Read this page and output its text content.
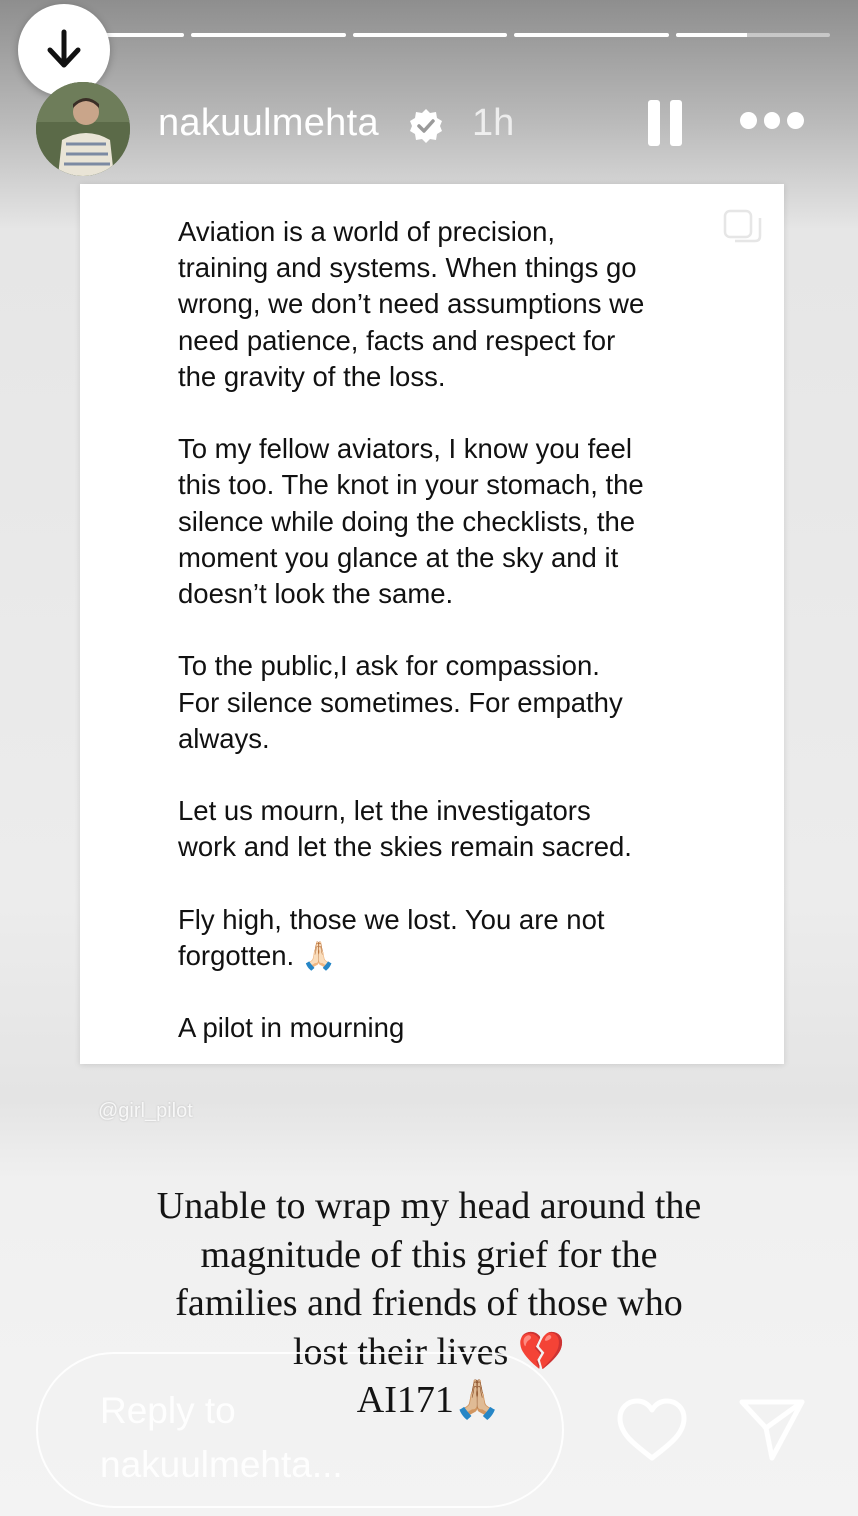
nakuulmehta 1h

Aviation is a world of precision,
training and systems. When things go
wrong, we don’t need assumptions we
need patience, facts and respect for
the gravity of the loss.

To my fellow aviators, I know you feel
this too. The knot in your stomach, the
silence while doing the checklists, the
moment you glance at the sky and it
doesn’t look the same.

To the public,I ask for compassion.
For silence sometimes. For empathy
always.

Let us mourn, let the investigators
work and let the skies remain sacred.

Fly high, those we lost. You are not
forgotten. 🙏🏻

A pilot in mourning

@girl_pilot
Unable to wrap my head around the
magnitude of this grief for the
families and friends of those who
lost their lives 💔
AI171🙏🏼
Reply to
nakuulmehta...
